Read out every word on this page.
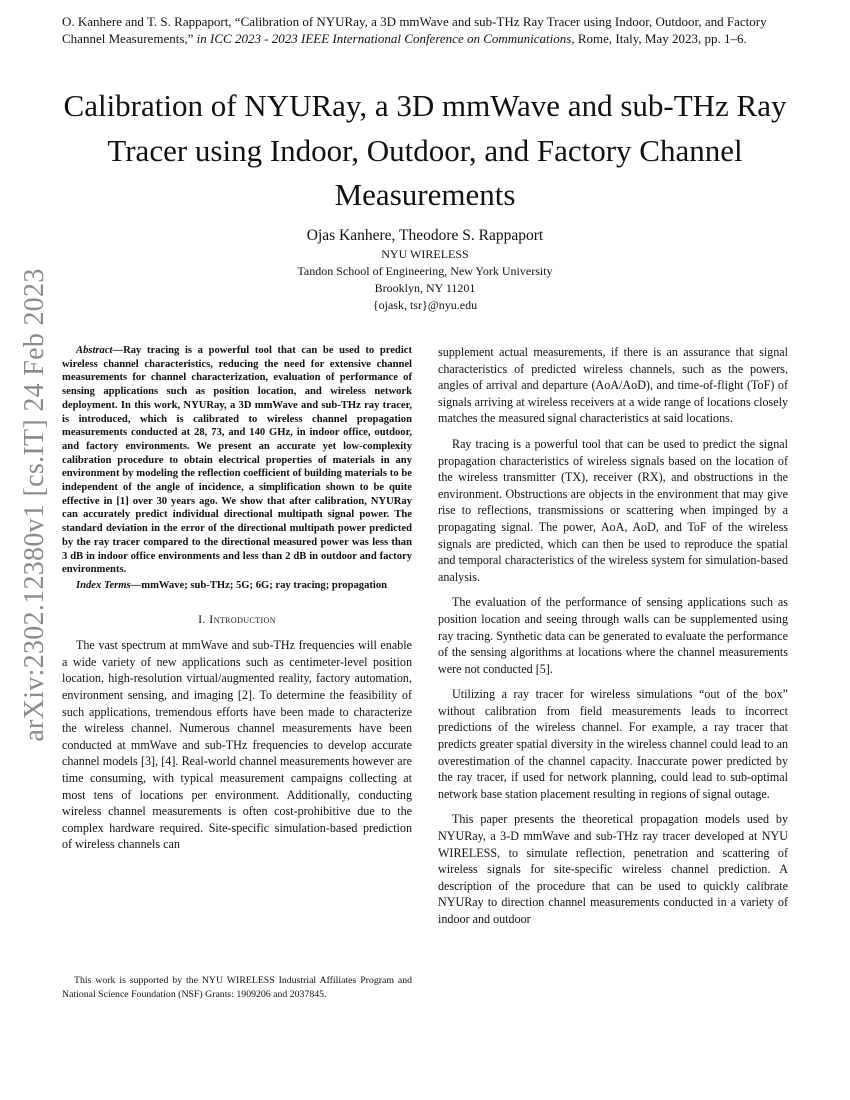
O. Kanhere and T. S. Rappaport, “Calibration of NYURay, a 3D mmWave and sub-THz Ray Tracer using Indoor, Outdoor, and Factory Channel Measurements,” in ICC 2023 - 2023 IEEE International Conference on Communications, Rome, Italy, May 2023, pp. 1–6.
Calibration of NYURay, a 3D mmWave and sub-THz Ray Tracer using Indoor, Outdoor, and Factory Channel Measurements
Ojas Kanhere, Theodore S. Rappaport
NYU WIRELESS
Tandon School of Engineering, New York University
Brooklyn, NY 11201
{ojask, tsr}@nyu.edu
arXiv:2302.12380v1 [cs.IT] 24 Feb 2023	Abstract—Ray tracing is a powerful tool that can be used to predict wireless channel characteristics, reducing the need for extensive channel measurements for channel characterization, evaluation of performance of sensing applications such as position location, and wireless network deployment. In this work, NYURay, a 3D mmWave and sub-THz ray tracer, is introduced, which is calibrated to wireless channel propagation measurements conducted at 28, 73, and 140 GHz, in indoor office, outdoor, and factory environments. We present an accurate yet low-complexity calibration procedure to obtain electrical properties of materials in any environment by modeling the reflection coefficient of building materials to be independent of the angle of incidence, a simplification shown to be quite effective in [1] over 30 years ago. We show that after calibration, NYURay can accurately predict individual directional multipath signal power. The standard deviation in the error of the directional multipath power predicted by the ray tracer compared to the directional measured power was less than 3 dB in indoor office environments and less than 2 dB in outdoor and factory environments.

Index Terms—mmWave; sub-THz; 5G; 6G; ray tracing; propagation

I. Introduction

The vast spectrum at mmWave and sub-THz frequencies will enable a wide variety of new applications such as centimeter-level position location, high-resolution virtual/augmented reality, factory automation, environment sensing, and imaging [2]. To determine the feasibility of such applications, tremendous efforts have been made to characterize the wireless channel. Numerous channel measurements have been conducted at mmWave and sub-THz frequencies to develop accurate channel models [3], [4]. Real-world channel measurements however are time consuming, with typical measurement campaigns collecting at most tens of locations per environment. Additionally, conducting wireless channel measurements is often cost-prohibitive due to the complex hardware required. Site-specific simulation-based prediction of wireless channels can

This work is supported by the NYU WIRELESS Industrial Affiliates Program and National Science Foundation (NSF) Grants: 1909206 and 2037845.

supplement actual measurements, if there is an assurance that signal characteristics of predicted wireless channels, such as the powers, angles of arrival and departure (AoA/AoD), and time-of-flight (ToF) of signals arriving at wireless receivers at a wide range of locations closely matches the measured signal characteristics at said locations.

Ray tracing is a powerful tool that can be used to predict the signal propagation characteristics of wireless signals based on the location of the wireless transmitter (TX), receiver (RX), and obstructions in the environment. Obstructions are objects in the environment that may give rise to reflections, transmissions or scattering when impinged by a propagating signal. The power, AoA, AoD, and ToF of the wireless signals are predicted, which can then be used to reproduce the spatial and temporal characteristics of the wireless system for simulation-based analysis.

The evaluation of the performance of sensing applications such as position location and seeing through walls can be supplemented using ray tracing. Synthetic data can be generated to evaluate the performance of the sensing algorithms at locations where the channel measurements were not conducted [5].

Utilizing a ray tracer for wireless simulations “out of the box” without calibration from field measurements leads to incorrect predictions of the wireless channel. For example, a ray tracer that predicts greater spatial diversity in the wireless channel could lead to an overestimation of the channel capacity. Inaccurate power predicted by the ray tracer, if used for network planning, could lead to sub-optimal network base station placement resulting in regions of signal outage.

This paper presents the theoretical propagation models used by NYURay, a 3-D mmWave and sub-THz ray tracer developed at NYU WIRELESS, to simulate reflection, penetration and scattering of wireless signals for site-specific wireless channel prediction. A description of the procedure that can be used to quickly calibrate NYURay to direction channel measurements conducted in a variety of indoor and outdoor
